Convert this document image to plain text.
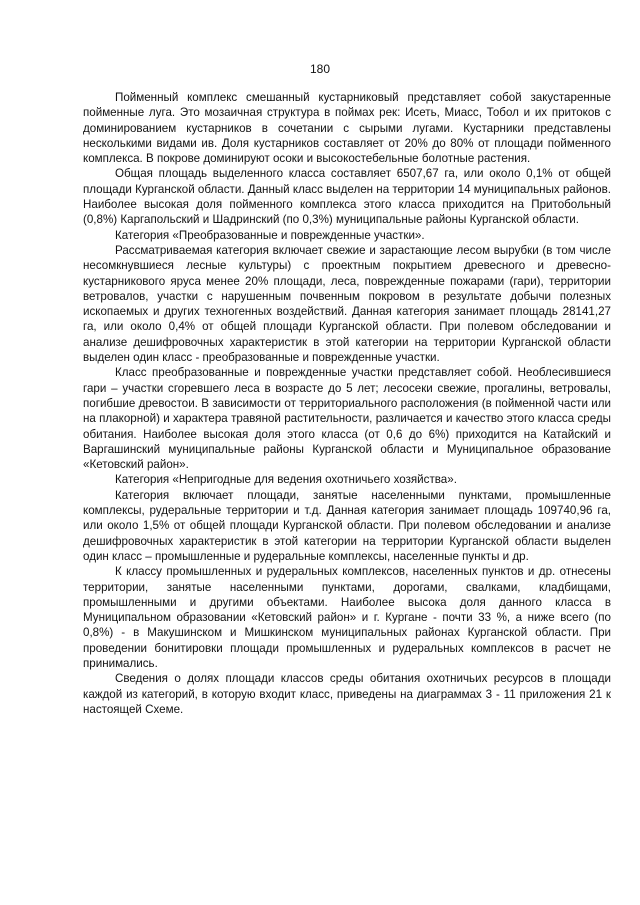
180

Пойменный комплекс смешанный кустарниковый представляет собой закустаренные пойменные луга. Это мозаичная структура в поймах рек: Исеть, Миасс, Тобол и их притоков с доминированием кустарников в сочетании с сырыми лугами. Кустарники представлены несколькими видами ив. Доля кустарников составляет от 20% до 80% от площади пойменного комплекса. В покрове доминируют осоки и высокостебельные болотные растения.

Общая площадь выделенного класса составляет 6507,67 га, или около 0,1% от общей площади Курганской области. Данный класс выделен на территории 14 муниципальных районов. Наиболее высокая доля пойменного комплекса этого класса приходится на Притобольный (0,8%) Каргапольский и Шадринский (по 0,3%) муниципальные районы Курганской области.

Категория «Преобразованные и поврежденные участки».

Рассматриваемая категория включает свежие и зарастающие лесом вырубки (в том числе несомкнувшиеся лесные культуры) с проектным покрытием древесного и древесно-кустарникового яруса менее 20% площади, леса, поврежденные пожарами (гари), территории ветровалов, участки с нарушенным почвенным покровом в результате добычи полезных ископаемых и других техногенных воздействий. Данная категория занимает площадь 28141,27 га, или около 0,4% от общей площади Курганской области. При полевом обследовании и анализе дешифровочных характеристик в этой категории на территории Курганской области выделен один класс - преобразованные и поврежденные участки.

Класс преобразованные и поврежденные участки представляет собой. Необлесившиеся гари – участки сгоревшего леса в возрасте до 5 лет; лесосеки свежие, прогалины, ветровалы, погибшие древостои. В зависимости от территориального расположения (в пойменной части или на плакорной) и характера травяной растительности, различается и качество этого класса среды обитания. Наиболее высокая доля этого класса (от 0,6 до 6%) приходится на Катайский и Варгашинский муниципальные районы Курганской области и Муниципальное образование «Кетовский район».

Категория «Непригодные для ведения охотничьего хозяйства».

Категория включает площади, занятые населенными пунктами, промышленные комплексы, рудеральные территории и т.д. Данная категория занимает площадь 109740,96 га, или около 1,5% от общей площади Курганской области. При полевом обследовании и анализе дешифровочных характеристик в этой категории на территории Курганской области выделен один класс – промышленные и рудеральные комплексы, населенные пункты и др.

К классу промышленных и рудеральных комплексов, населенных пунктов и др. отнесены территории, занятые населенными пунктами, дорогами, свалками, кладбищами, промышленными и другими объектами. Наиболее высока доля данного класса в Муниципальном образовании «Кетовский район» и г. Кургане - почти 33 %, а ниже всего (по 0,8%) - в Макушинском и Мишкинском муниципальных районах Курганской области. При проведении бонитировки площади промышленных и рудеральных комплексов в расчет не принимались.

Сведения о долях площади классов среды обитания охотничьих ресурсов в площади каждой из категорий, в которую входит класс, приведены на диаграммах 3 - 11 приложения 21 к настоящей Схеме.
